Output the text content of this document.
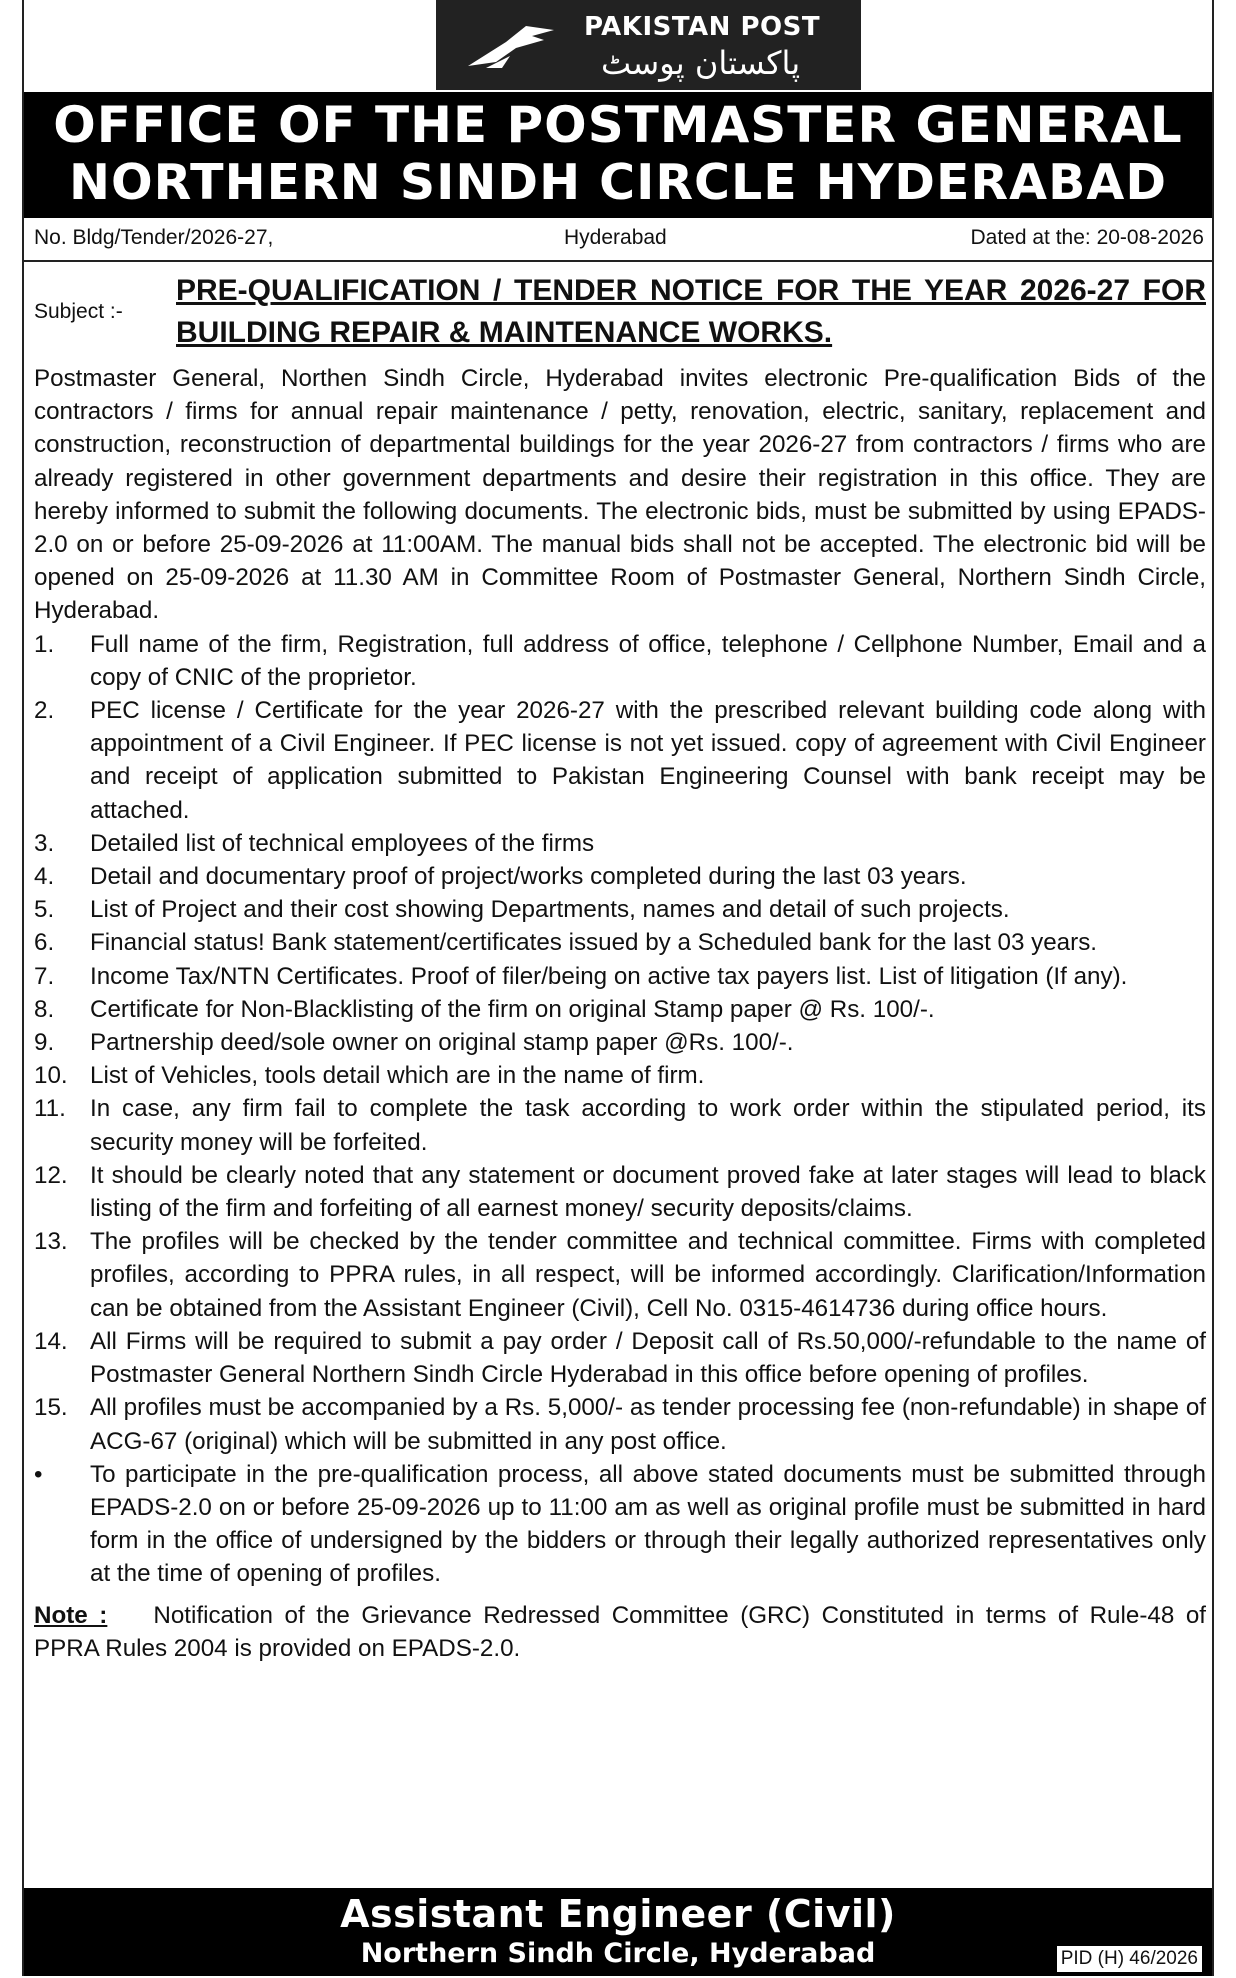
PAKISTAN POST
پاکستان پوسٹ
OFFICE OF THE POSTMASTER GENERAL
NORTHERN SINDH CIRCLE HYDERABAD
No. Bldg/Tender/2026-27,	Hyderabad	Dated at the: 20-08-2026
Subject :-
PRE-QUALIFICATION / TENDER NOTICE FOR THE YEAR 2026-27 FOR BUILDING REPAIR & MAINTENANCE WORKS.

Postmaster General, Northen Sindh Circle, Hyderabad invites electronic Pre-qualification Bids of the contractors / firms for annual repair maintenance / petty, renovation, electric, sanitary, replacement and construction, reconstruction of departmental buildings for the year 2026-27 from contractors / firms who are already registered in other government departments and desire their registration in this office. They are hereby informed to submit the following documents. The electronic bids, must be submitted by using EPADS-2.0 on or before 25-09-2026 at 11:00AM. The manual bids shall not be accepted. The electronic bid will be opened on 25-09-2026 at 11.30 AM in Committee Room of Postmaster General, Northern Sindh Circle, Hyderabad.

1.	Full name of the firm, Registration, full address of office, telephone / Cellphone Number, Email and a copy of CNIC of the proprietor.
2.	PEC license / Certificate for the year 2026-27 with the prescribed relevant building code along with appointment of a Civil Engineer. If PEC license is not yet issued. copy of agreement with Civil Engineer and receipt of application submitted to Pakistan Engineering Counsel with bank receipt may be attached.
3.	Detailed list of technical employees of the firms
4.	Detail and documentary proof of project/works completed during the last 03 years.
5.	List of Project and their cost showing Departments, names and detail of such projects.
6.	Financial status! Bank statement/certificates issued by a Scheduled bank for the last 03 years.
7.	Income Tax/NTN Certificates. Proof of filer/being on active tax payers list. List of litigation (If any).
8.	Certificate for Non-Blacklisting of the firm on original Stamp paper @ Rs. 100/-.
9.	Partnership deed/sole owner on original stamp paper @Rs. 100/-.
10. List of Vehicles, tools detail which are in the name of firm.
11. In case, any firm fail to complete the task according to work order within the stipulated period, its security money will be forfeited.
12. It should be clearly noted that any statement or document proved fake at later stages will lead to black listing of the firm and forfeiting of all earnest money/ security deposits/claims.
13. The profiles will be checked by the tender committee and technical committee. Firms with completed profiles, according to PPRA rules, in all respect, will be informed accordingly. Clarification/Information can be obtained from the Assistant Engineer (Civil), Cell No. 0315-4614736 during office hours.
14. All Firms will be required to submit a pay order / Deposit call of Rs.50,000/-refundable to the name of Postmaster General Northern Sindh Circle Hyderabad in this office before opening of profiles.
15. All profiles must be accompanied by a Rs. 5,000/- as tender processing fee (non-refundable) in shape of ACG-67 (original) which will be submitted in any post office.
•	To participate in the pre-qualification process, all above stated documents must be submitted through EPADS-2.0 on or before 25-09-2026 up to 11:00 am as well as original profile must be submitted in hard form in the office of undersigned by the bidders or through their legally authorized representatives only at the time of opening of profiles.
Note : Notification of the Grievance Redressed Committee (GRC) Constituted in terms of Rule-48 of PPRA Rules 2004 is provided on EPADS-2.0.
Assistant Engineer (Civil)
Northern Sindh Circle, Hyderabad	PID (H) 46/2026
